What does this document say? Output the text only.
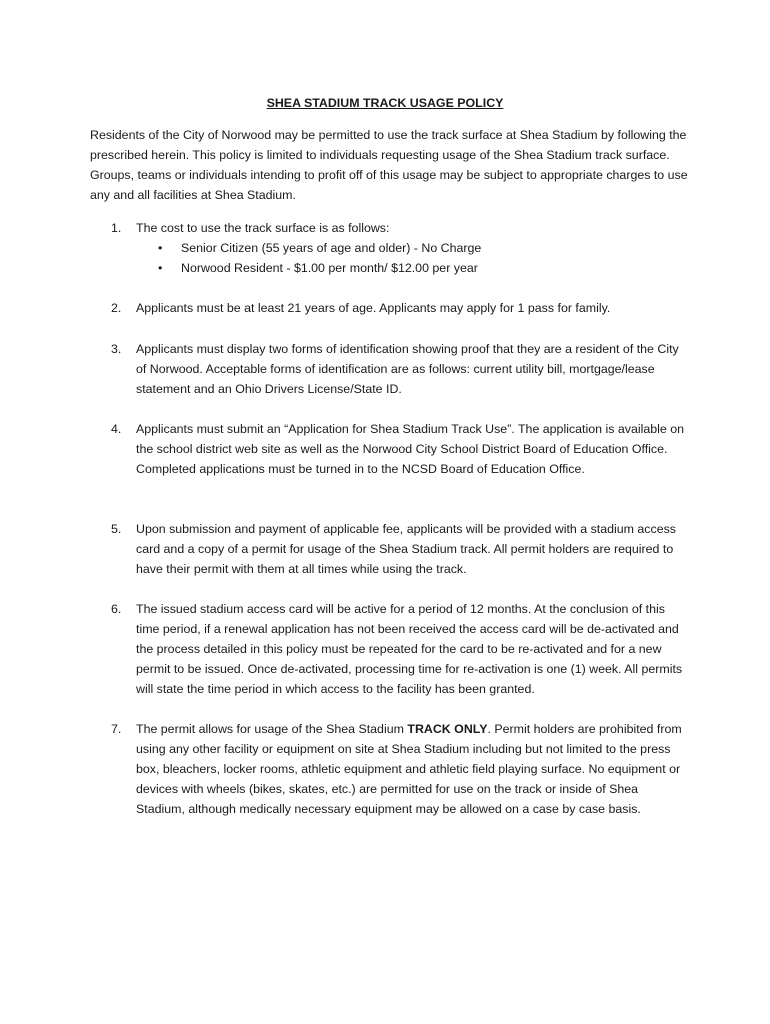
SHEA STADIUM TRACK USAGE POLICY
Residents of the City of Norwood may be permitted to use the track surface at Shea Stadium by following the prescribed herein. This policy is limited to individuals requesting usage of the Shea Stadium track surface. Groups, teams or individuals intending to profit off of this usage may be subject to appropriate charges to use any and all facilities at Shea Stadium.
1. The cost to use the track surface is as follows:
• Senior Citizen (55 years of age and older) - No Charge
• Norwood Resident - $1.00 per month/ $12.00 per year
2. Applicants must be at least 21 years of age. Applicants may apply for 1 pass for family.
3. Applicants must display two forms of identification showing proof that they are a resident of the City of Norwood. Acceptable forms of identification are as follows: current utility bill, mortgage/lease statement and an Ohio Drivers License/State ID.
4. Applicants must submit an “Application for Shea Stadium Track Use”. The application is available on the school district web site as well as the Norwood City School District Board of Education Office. Completed applications must be turned in to the NCSD Board of Education Office.
5. Upon submission and payment of applicable fee, applicants will be provided with a stadium access card and a copy of a permit for usage of the Shea Stadium track. All permit holders are required to have their permit with them at all times while using the track.
6. The issued stadium access card will be active for a period of 12 months. At the conclusion of this time period, if a renewal application has not been received the access card will be de-activated and the process detailed in this policy must be repeated for the card to be re-activated and for a new permit to be issued. Once de-activated, processing time for re-activation is one (1) week. All permits will state the time period in which access to the facility has been granted.
7. The permit allows for usage of the Shea Stadium TRACK ONLY. Permit holders are prohibited from using any other facility or equipment on site at Shea Stadium including but not limited to the press box, bleachers, locker rooms, athletic equipment and athletic field playing surface. No equipment or devices with wheels (bikes, skates, etc.) are permitted for use on the track or inside of Shea Stadium, although medically necessary equipment may be allowed on a case by case basis.
